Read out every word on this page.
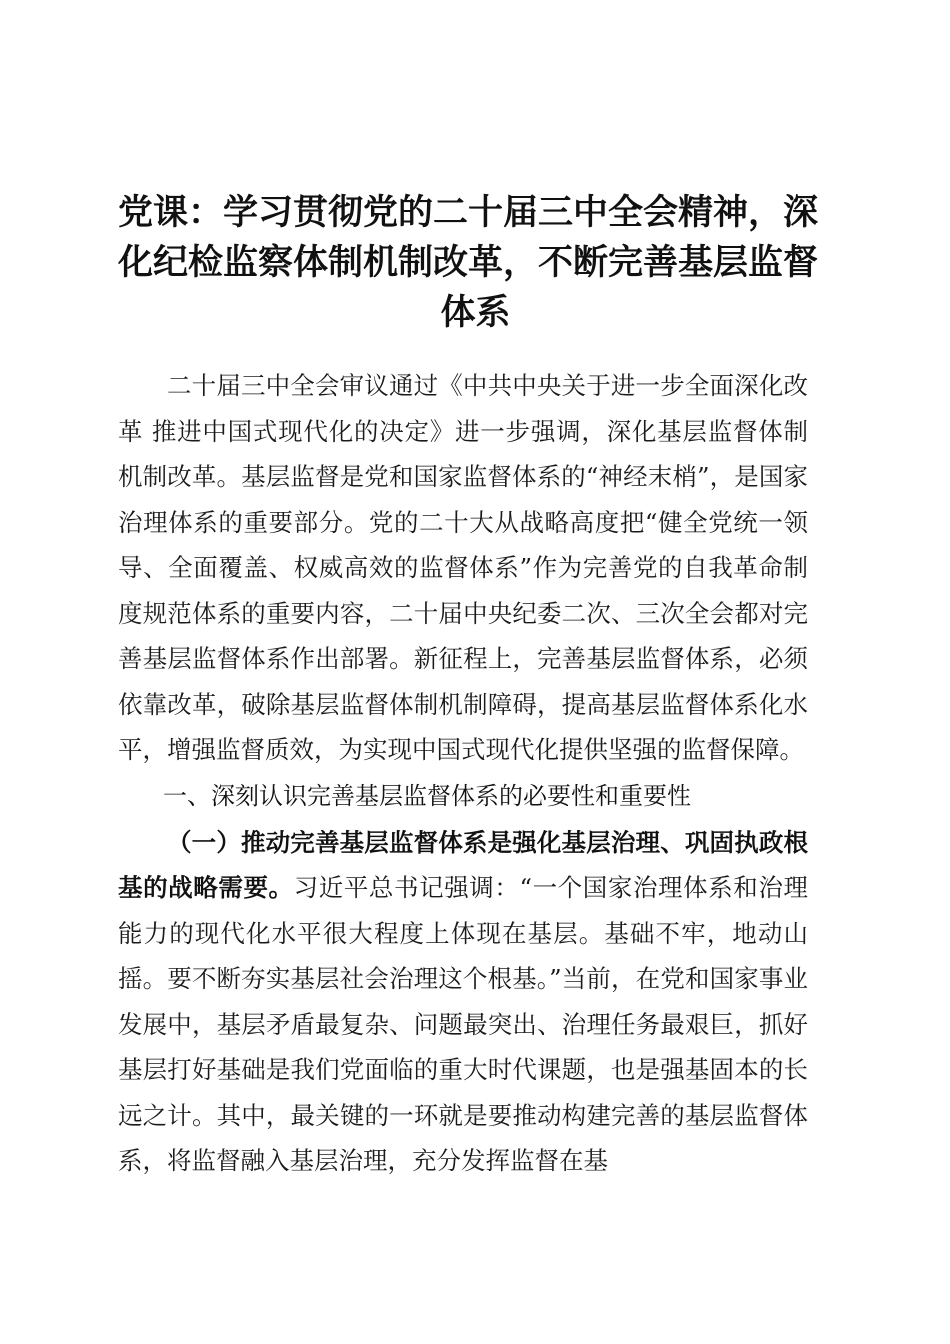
党课：学习贯彻党的二十届三中全会精神，深
化纪检监察体制机制改革，不断完善基层监督
体系

二十届三中全会审议通过《中共中央关于进一步全面深化改革 推进中国式现代化的决定》进一步强调，深化基层监督体制机制改革。基层监督是党和国家监督体系的“神经末梢”，是国家治理体系的重要部分。党的二十大从战略高度把“健全党统一领导、全面覆盖、权威高效的监督体系”作为完善党的自我革命制度规范体系的重要内容，二十届中央纪委二次、三次全会都对完善基层监督体系作出部署。新征程上，完善基层监督体系，必须依靠改革，破除基层监督体制机制障碍，提高基层监督体系化水平，增强监督质效，为实现中国式现代化提供坚强的监督保障。

一、深刻认识完善基层监督体系的必要性和重要性

（一）推动完善基层监督体系是强化基层治理、巩固执政根基的战略需要。习近平总书记强调：“一个国家治理体系和治理能力的现代化水平很大程度上体现在基层。基础不牢，地动山摇。要不断夯实基层社会治理这个根基。”当前，在党和国家事业发展中，基层矛盾最复杂、问题最突出、治理任务最艰巨，抓好基层打好基础是我们党面临的重大时代课题，也是强基固本的长远之计。其中，最关键的一环就是要推动构建完善的基层监督体系，将监督融入基层治理，充分发挥监督在基
